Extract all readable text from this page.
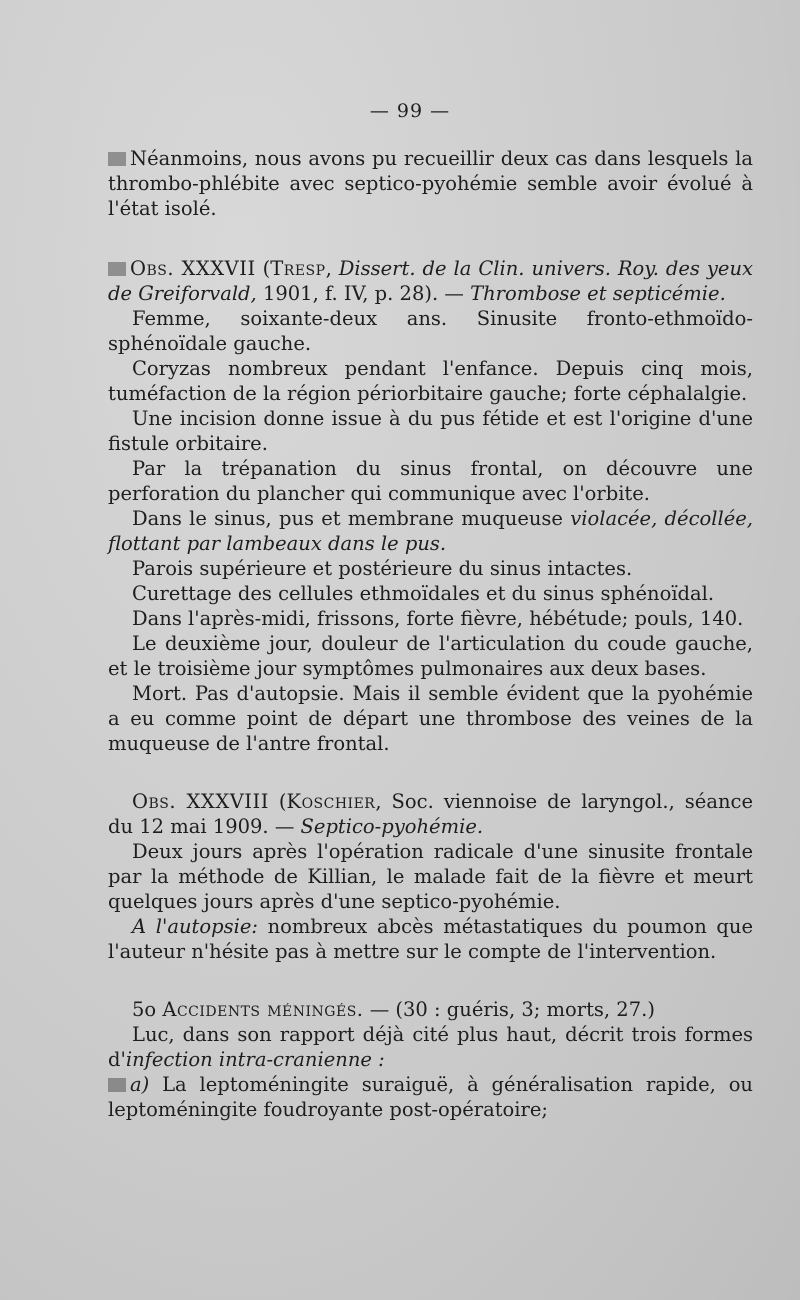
— 99 —

Néanmoins, nous avons pu recueillir deux cas dans lesquels la thrombo-phlébite avec septico-pyohémie semble avoir évolué à l'état isolé.

Obs. XXXVII (Tresp, Dissert. de la Clin. univers. Roy. des yeux de Greiforvald, 1901, f. IV, p. 28). — Thrombose et septicémie.

Femme, soixante-deux ans. Sinusite fronto-ethmoïdo-sphénoïdale gauche.

Coryzas nombreux pendant l'enfance. Depuis cinq mois, tuméfaction de la région périorbitaire gauche; forte céphalalgie.

Une incision donne issue à du pus fétide et est l'origine d'une fistule orbitaire.

Par la trépanation du sinus frontal, on découvre une perforation du plancher qui communique avec l'orbite.

Dans le sinus, pus et membrane muqueuse violacée, décollée, flottant par lambeaux dans le pus.

Parois supérieure et postérieure du sinus intactes.

Curettage des cellules ethmoïdales et du sinus sphénoïdal.

Dans l'après-midi, frissons, forte fièvre, hébétude; pouls, 140.

Le deuxième jour, douleur de l'articulation du coude gauche, et le troisième jour symptômes pulmonaires aux deux bases.

Mort. Pas d'autopsie. Mais il semble évident que la pyohémie a eu comme point de départ une thrombose des veines de la muqueuse de l'antre frontal.

Obs. XXXVIII (Koschier, Soc. viennoise de laryngol., séance du 12 mai 1909. — Septico-pyohémie.

Deux jours après l'opération radicale d'une sinusite frontale par la méthode de Killian, le malade fait de la fièvre et meurt quelques jours après d'une septico-pyohémie.

A l'autopsie: nombreux abcès métastatiques du poumon que l'auteur n'hésite pas à mettre sur le compte de l'intervention.

5o Accidents méningés. — (30 : guéris, 3; morts, 27.)

Luc, dans son rapport déjà cité plus haut, décrit trois formes d'infection intra-cranienne :

a) La leptoméningite suraiguë, à généralisation rapide, ou leptoméningite foudroyante post-opératoire;
